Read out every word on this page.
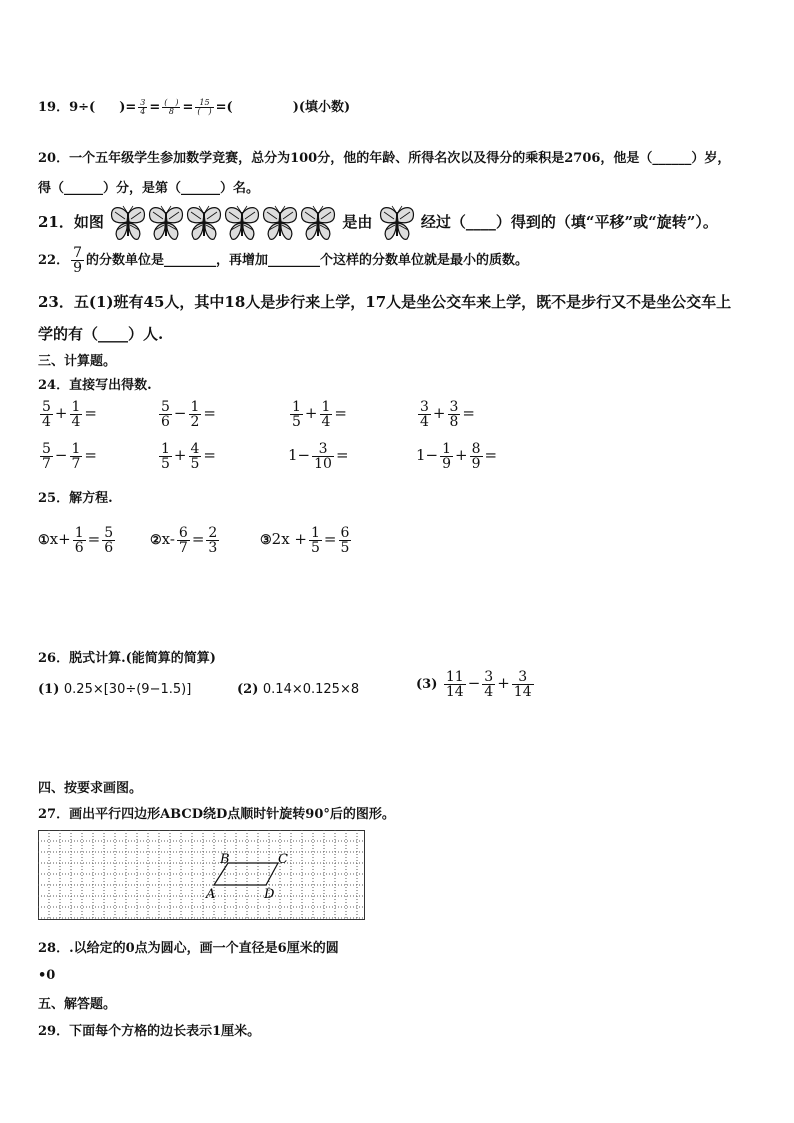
19．9÷( )= $\frac{3}{4} = \frac{( )}{8} = \frac{15}{( )}$ =(	)(填小数)
20．一个五年级学生参加数学竞赛，总分为100分，他的年龄、所得名次以及得分的乘积是2706，他是（______）岁，
得（______）分，是第（______）名。
21．如图	是由	经过（____）得到的（填“平移”或“旋转”）。
22． $\frac{7}{9}$ 的分数单位是________，再增加________个这样的分数单位就是最小的质数。
23．五(1)班有45人，其中18人是步行来上学，17人是坐公交车来上学，既不是步行又不是坐公交车上
学的有（____）人.
三、计算题。
24．直接写出得数.
$\frac{5}{4} + \frac{1}{4}$ =	$\frac{5}{6} - \frac{1}{2}$ =	$\frac{1}{5} + \frac{1}{4}$ =	$\frac{3}{4} + \frac{3}{8}$ =
$\frac{5}{7} - \frac{1}{7}$ =	$\frac{1}{5} + \frac{4}{5}$ =	$1- \frac{3}{10}$ =	$1- \frac{1}{9} + \frac{8}{9}$ =
25．解方程.
①x+ $\frac{1}{6} = \frac{5}{6}$	②x- $\frac{6}{7} = \frac{2}{3}$	③2x + $\frac{1}{5} = \frac{6}{5}$
26．脱式计算.(能简算的简算)
(1) 0.25×[30÷(9−1.5)]	(2) 0.14×0.125×8	$(3) \frac{11}{14} - \frac{3}{4} + \frac{3}{14}$
四、按要求画图。
27．画出平行四边形ABCD绕D点顺时针旋转90°后的图形。
B	C
A	D
28．.以给定的0点为圆心，画一个直径是6厘米的圆
•0
五、解答题。
29．下面每个方格的边长表示1厘米。
